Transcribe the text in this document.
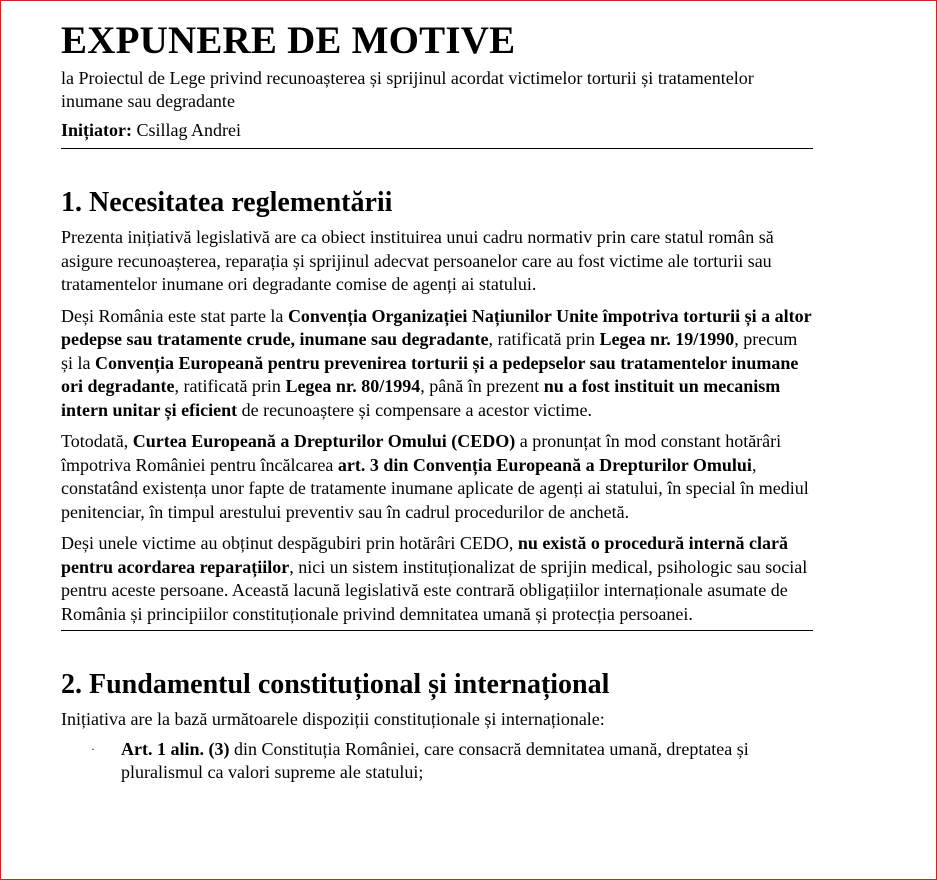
EXPUNERE DE MOTIVE
la Proiectul de Lege privind recunoașterea și sprijinul acordat victimelor torturii și tratamentelor inumane sau degradante
Inițiator: Csillag Andrei
1. Necesitatea reglementării

Prezenta inițiativă legislativă are ca obiect instituirea unui cadru normativ prin care statul român să asigure recunoașterea, reparația și sprijinul adecvat persoanelor care au fost victime ale torturii sau tratamentelor inumane ori degradante comise de agenți ai statului.

Deși România este stat parte la Convenția Organizației Națiunilor Unite împotriva torturii și a altor pedepse sau tratamente crude, inumane sau degradante, ratificată prin Legea nr. 19/1990, precum și la Convenția Europeană pentru prevenirea torturii și a pedepselor sau tratamentelor inumane ori degradante, ratificată prin Legea nr. 80/1994, până în prezent nu a fost instituit un mecanism intern unitar și eficient de recunoaștere și compensare a acestor victime.

Totodată, Curtea Europeană a Drepturilor Omului (CEDO) a pronunțat în mod constant hotărâri împotriva României pentru încălcarea art. 3 din Convenția Europeană a Drepturilor Omului, constatând existența unor fapte de tratamente inumane aplicate de agenți ai statului, în special în mediul penitenciar, în timpul arestului preventiv sau în cadrul procedurilor de anchetă.

Deși unele victime au obținut despăgubiri prin hotărâri CEDO, nu există o procedură internă clară pentru acordarea reparațiilor, nici un sistem instituționalizat de sprijin medical, psihologic sau social pentru aceste persoane. Această lacună legislativă este contrară obligațiilor internaționale asumate de România și principiilor constituționale privind demnitatea umană și protecția persoanei.

2. Fundamentul constituțional și internațional

Inițiativa are la bază următoarele dispoziții constituționale și internaționale:

· Art. 1 alin. (3) din Constituția României, care consacră demnitatea umană, dreptatea și pluralismul ca valori supreme ale statului;
